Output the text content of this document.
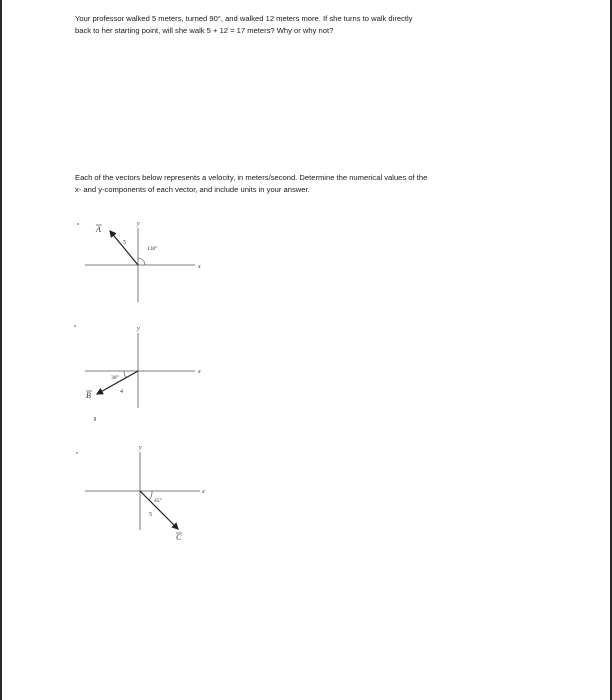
Your professor walked 5 meters, turned 90°, and walked 12 meters more. If she turns to walk directly
back to her starting point, will she walk 5 + 12 = 17 meters? Why or why not?

Each of the vectors below represents a velocity, in meters/second. Determine the numerical values of the
x- and y-components of each vector, and include units in your answer.

x
y
A
5
130°
x
y
B	4
30°
x
y
C
5
45°
